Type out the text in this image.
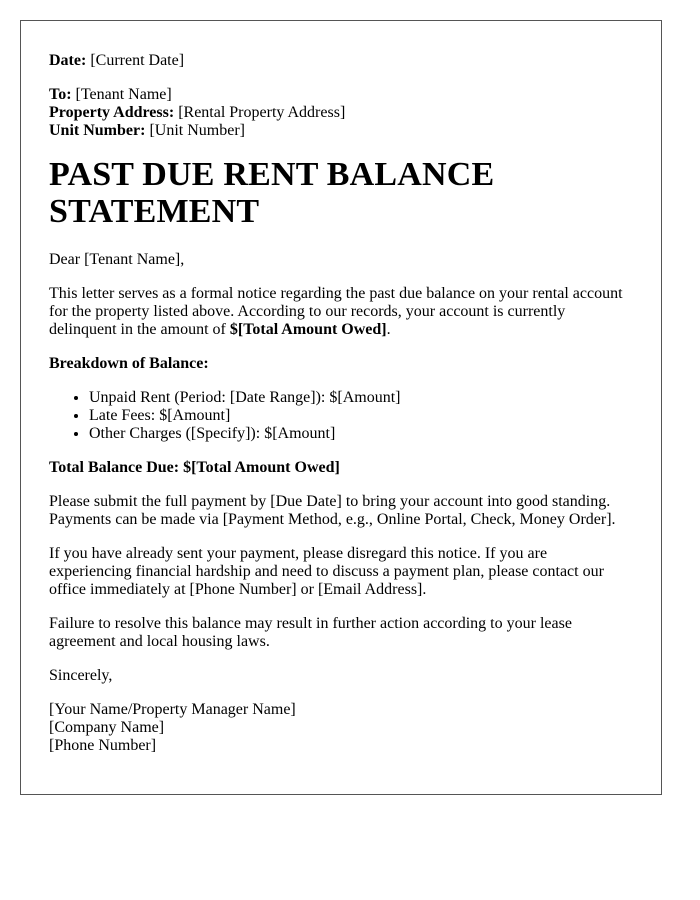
Date: [Current Date]

To: [Tenant Name]

Property Address: [Rental Property Address]

Unit Number: [Unit Number]

PAST DUE RENT BALANCE STATEMENT

Dear [Tenant Name],

This letter serves as a formal notice regarding the past due balance on your rental account for the property listed above. According to our records, your account is currently delinquent in the amount of $[Total Amount Owed].

Breakdown of Balance:

• Unpaid Rent (Period: [Date Range]): $[Amount]
• Late Fees: $[Amount]
• Other Charges ([Specify]): $[Amount]

Total Balance Due: $[Total Amount Owed]

Please submit the full payment by [Due Date] to bring your account into good standing. Payments can be made via [Payment Method, e.g., Online Portal, Check, Money Order].

If you have already sent your payment, please disregard this notice. If you are experiencing financial hardship and need to discuss a payment plan, please contact our office immediately at [Phone Number] or [Email Address].

Failure to resolve this balance may result in further action according to your lease agreement and local housing laws.

Sincerely,

[Your Name/Property Manager Name]

[Company Name]

[Phone Number]
